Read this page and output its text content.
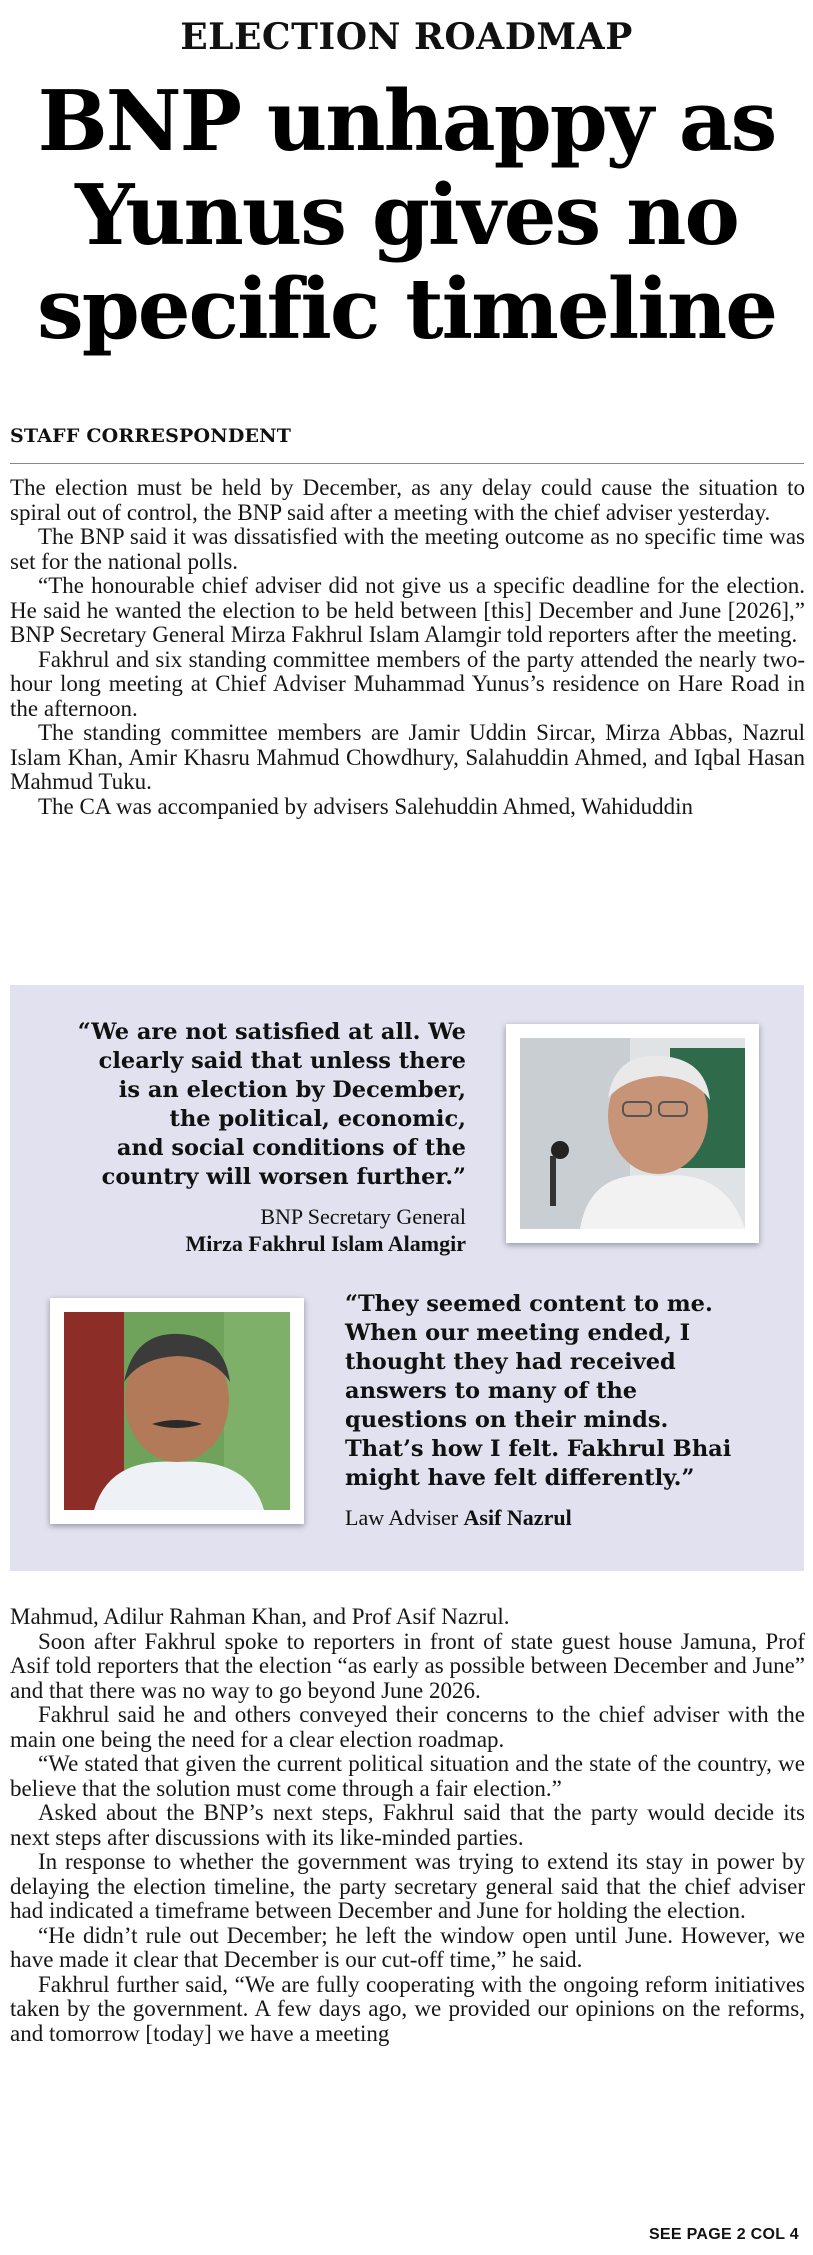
ELECTION ROADMAP
BNP unhappy as
Yunus gives no
specific timeline
STAFF CORRESPONDENT

The election must be held by December, as any delay could cause the situation to spiral out of control, the BNP said after a meeting with the chief adviser yesterday.

The BNP said it was dissatisfied with the meeting outcome as no specific time was set for the national polls.

“The honourable chief adviser did not give us a specific deadline for the election. He said he wanted the election to be held between [this] December and June [2026],” BNP Secretary General Mirza Fakhrul Islam Alamgir told reporters after the meeting.

Fakhrul and six standing committee members of the party attended the nearly two-hour long meeting at Chief Adviser Muhammad Yunus’s residence on Hare Road in the afternoon.

The standing committee members are Jamir Uddin Sircar, Mirza Abbas, Nazrul Islam Khan, Amir Khasru Mahmud Chowdhury, Salahuddin Ahmed, and Iqbal Hasan Mahmud Tuku.

The CA was accompanied by advisers Salehuddin Ahmed, Wahiduddin

“We are not satisfied at all. We
clearly said that unless there
is an election by December,
the political, economic,
and social conditions of the
country will worsen further.”
BNP Secretary General
Mirza Fakhrul Islam Alamgir
“They seemed content to me.
When our meeting ended, I
thought they had received
answers to many of the
questions on their minds.
That’s how I felt. Fakhrul Bhai
might have felt differently.”
Law Adviser Asif Nazrul

Mahmud, Adilur Rahman Khan, and Prof Asif Nazrul.

Soon after Fakhrul spoke to reporters in front of state guest house Jamuna, Prof Asif told reporters that the election “as early as possible between December and June” and that there was no way to go beyond June 2026.

Fakhrul said he and others conveyed their concerns to the chief adviser with the main one being the need for a clear election roadmap.

“We stated that given the current political situation and the state of the country, we believe that the solution must come through a fair election.”

Asked about the BNP’s next steps, Fakhrul said that the party would decide its next steps after discussions with its like-minded parties.

In response to whether the government was trying to extend its stay in power by delaying the election timeline, the party secretary general said that the chief adviser had indicated a timeframe between December and June for holding the election.

“He didn’t rule out December; he left the window open until June. However, we have made it clear that December is our cut-off time,” he said.

Fakhrul further said, “We are fully cooperating with the ongoing reform initiatives taken by the government. A few days ago, we provided our opinions on the reforms, and tomorrow [today] we have a meeting

SEE PAGE 2 COL 4
